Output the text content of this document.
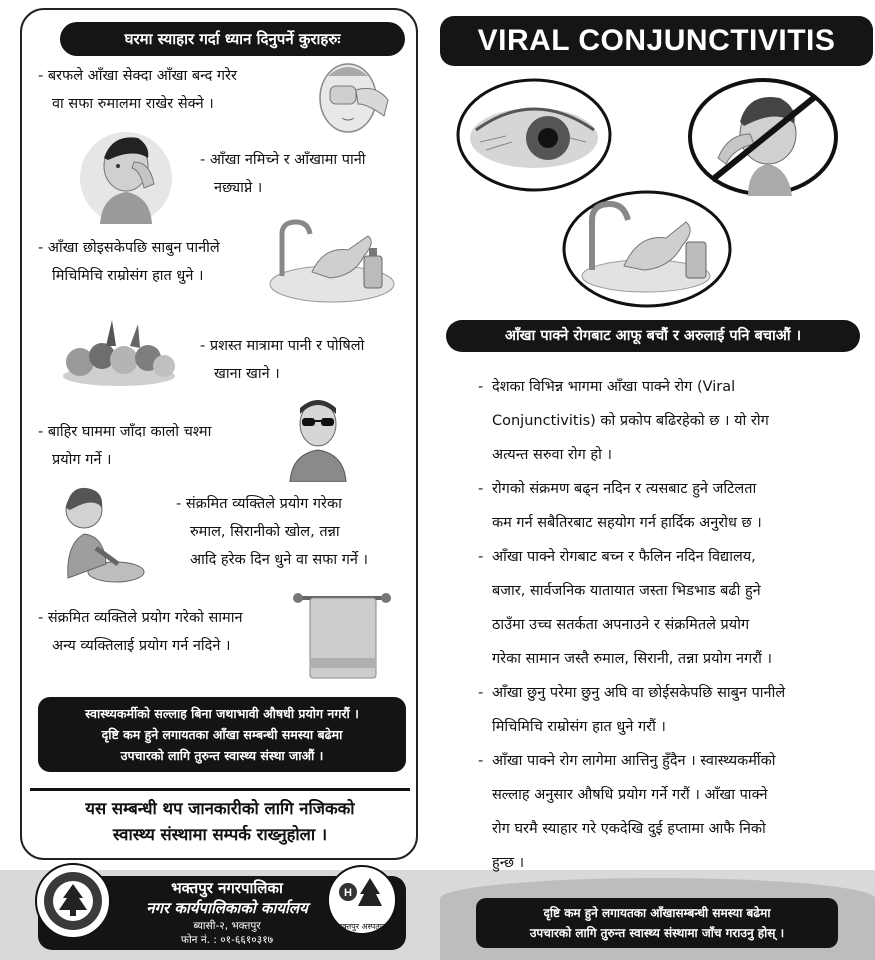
घरमा स्याहार गर्दा ध्यान दिनुपर्ने कुराहरुः
- बरफले आँखा सेक्दा आँखा बन्द गरेर
वा सफा रुमालमा राखेर सेक्ने ।
- आँखा नमिच्ने र आँखामा पानी
नछ्याप्ने ।
- आँखा छोइसकेपछि साबुन पानीले
मिचिमिचि राम्रोसंग हात धुने ।
- प्रशस्त मात्रामा पानी र पोषिलो
खाना खाने ।
- बाहिर घाममा जाँदा कालो चश्मा
प्रयोग गर्ने ।
- संक्रमित व्यक्तिले प्रयोग गरेका
रुमाल, सिरानीको खोल, तन्ना
आदि हरेक दिन धुने वा सफा गर्ने ।
- संक्रमित व्यक्तिले प्रयोग गरेको सामान
अन्य व्यक्तिलाई प्रयोग गर्न नदिने ।
स्वास्थ्यकर्मीको सल्लाह बिना जथाभावी औषधी प्रयोग नगरौं ।
दृष्टि कम हुने लगायतका आँखा सम्बन्धी समस्या बढेमा
उपचारको लागि तुरुन्त स्वास्थ्य संस्था जाऔं ।
यस सम्बन्धी थप जानकारीको लागि नजिकको
स्वास्थ्य संस्थामा सम्पर्क राख्नुहोला ।
भक्तपुर नगरपालिका
नगर कार्यपालिकाको कार्यालय
ब्यासी-२, भक्तपुर
फोन नं. : ०१-६६१०३१७
H
भक्तपुर अस्पताल
VIRAL CONJUNCTIVITIS
आँखा पाक्ने रोगबाट आफू बचौं र अरुलाई पनि बचाऔं ।
- देशका विभिन्न भागमा आँखा पाक्ने रोग (Viral
Conjunctivitis) को प्रकोप बढिरहेको छ । यो रोग
अत्यन्त सरुवा रोग हो ।
- रोगको संक्रमण बढ्न नदिन र त्यसबाट हुने जटिलता
कम गर्न सबैतिरबाट सहयोग गर्न हार्दिक अनुरोध छ ।
- आँखा पाक्ने रोगबाट बच्न र फैलिन नदिन विद्यालय,
बजार, सार्वजनिक यातायात जस्ता भिडभाड बढी हुने
ठाउँमा उच्च सतर्कता अपनाउने र संक्रमितले प्रयोग
गरेका सामान जस्तै रुमाल, सिरानी, तन्ना प्रयोग नगरौं ।
- आँखा छुनु परेमा छुनु अघि वा छोईसकेपछि साबुन पानीले
मिचिमिचि राम्रोसंग हात धुने गरौं ।
- आँखा पाक्ने रोग लागेमा आत्तिनु हुँदैन । स्वास्थ्यकर्मीको
सल्लाह अनुसार औषधि प्रयोग गर्ने गरौं । आँखा पाक्ने
रोग घरमै स्याहार गरे एकदेखि दुई हप्तामा आफै निको
हुन्छ ।
दृष्टि कम हुने लगायतका आँखासम्बन्धी समस्या बढेमा
उपचारको लागि तुरुन्त स्वास्थ्य संस्थामा जाँच गराउनु होस् ।
